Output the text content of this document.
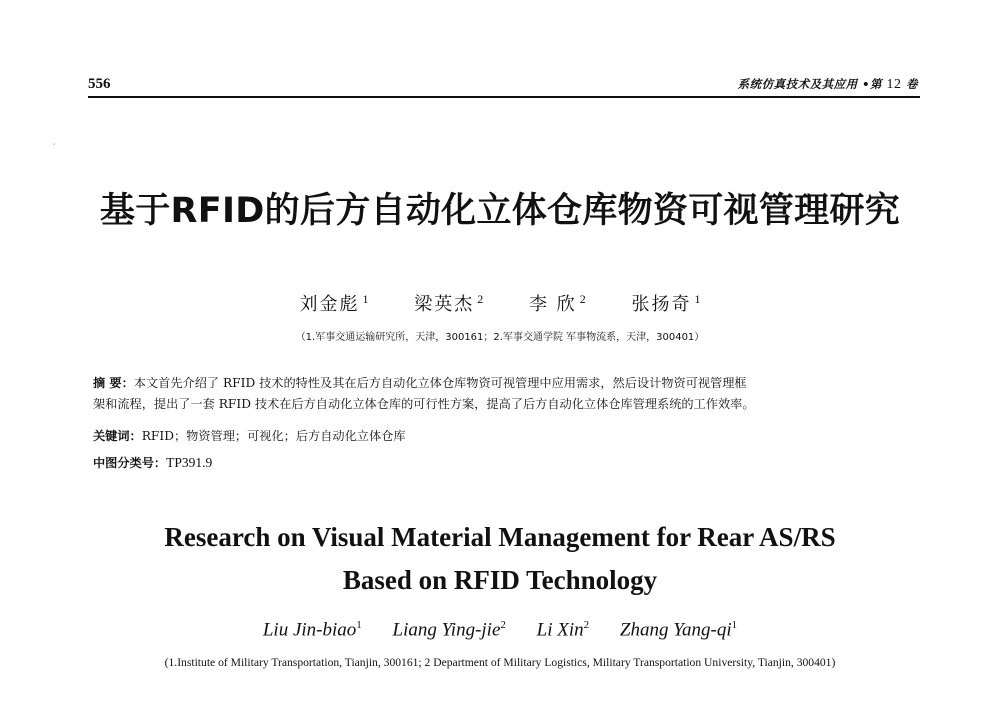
556	系统仿真技术及其应用 •第 12 卷
ˊ
基于RFID的后方自动化立体仓库物资可视管理研究
刘金彪 $^1$	梁英杰 $^2$	李 欣 $^2$	张扬奇 $^1$
（1.军事交通运输研究所，天津，300161；2.军事交通学院 军事物流系，天津，300401）
摘 要：本文首先介绍了 RFID 技术的特性及其在后方自动化立体仓库物资可视管理中应用需求，然后设计物资可视管理框
架和流程，提出了一套 RFID 技术在后方自动化立体仓库的可行性方案，提高了后方自动化立体仓库管理系统的工作效率。
关键词：RFID；物资管理；可视化；后方自动化立体仓库
中图分类号：TP391.9
Research on Visual Material Management for Rear AS/RS
Based on RFID Technology
Liu Jin-biao$^1$ Liang Ying-jie$^2$ Li Xin$^2$ Zhang Yang-$qi^1$
(1.Institute of Military Transportation, Tianjin, 300161; 2 Department of Military Logistics, Military Transportation University, Tianjin, 300401)
